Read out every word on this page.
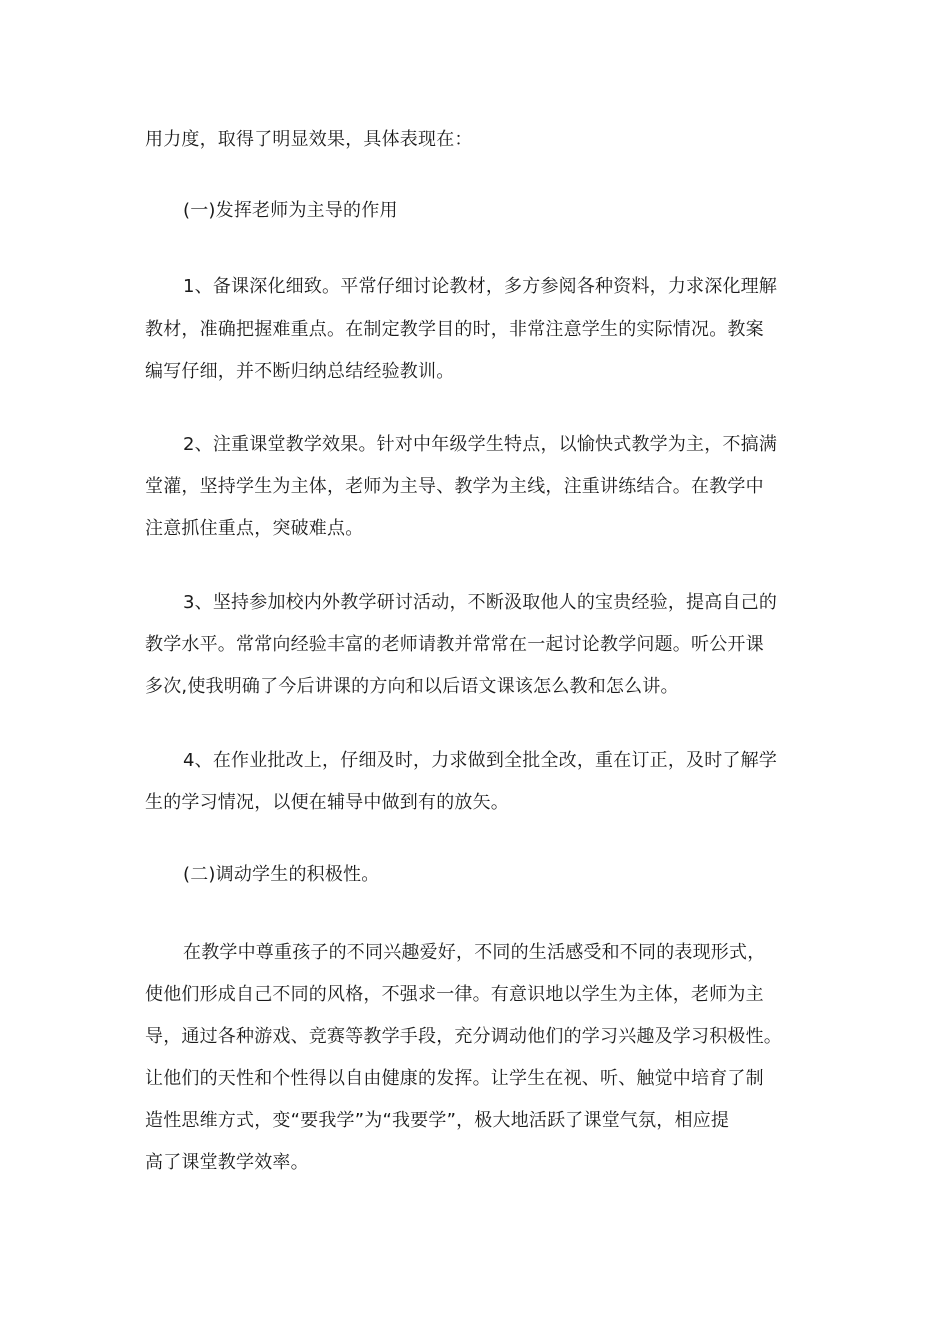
用力度，取得了明显效果，具体表现在：
(一)发挥老师为主导的作用
1、备课深化细致。平常仔细讨论教材，多方参阅各种资料，力求深化理解
教材，准确把握难重点。在制定教学目的时，非常注意学生的实际情况。教案
编写仔细，并不断归纳总结经验教训。
2、注重课堂教学效果。针对中年级学生特点，以愉快式教学为主，不搞满
堂灌，坚持学生为主体，老师为主导、教学为主线，注重讲练结合。在教学中
注意抓住重点，突破难点。
3、坚持参加校内外教学研讨活动，不断汲取他人的宝贵经验，提高自己的
教学水平。常常向经验丰富的老师请教并常常在一起讨论教学问题。听公开课
多次,使我明确了今后讲课的方向和以后语文课该怎么教和怎么讲。
4、在作业批改上，仔细及时，力求做到全批全改，重在订正，及时了解学
生的学习情况，以便在辅导中做到有的放矢。
(二)调动学生的积极性。
在教学中尊重孩子的不同兴趣爱好，不同的生活感受和不同的表现形式，
使他们形成自己不同的风格，不强求一律。有意识地以学生为主体，老师为主
导，通过各种游戏、竞赛等教学手段，充分调动他们的学习兴趣及学习积极性。
让他们的天性和个性得以自由健康的发挥。让学生在视、听、触觉中培育了制
造性思维方式，变“要我学”为“我要学”，极大地活跃了课堂气氛，相应提
高了课堂教学效率。
